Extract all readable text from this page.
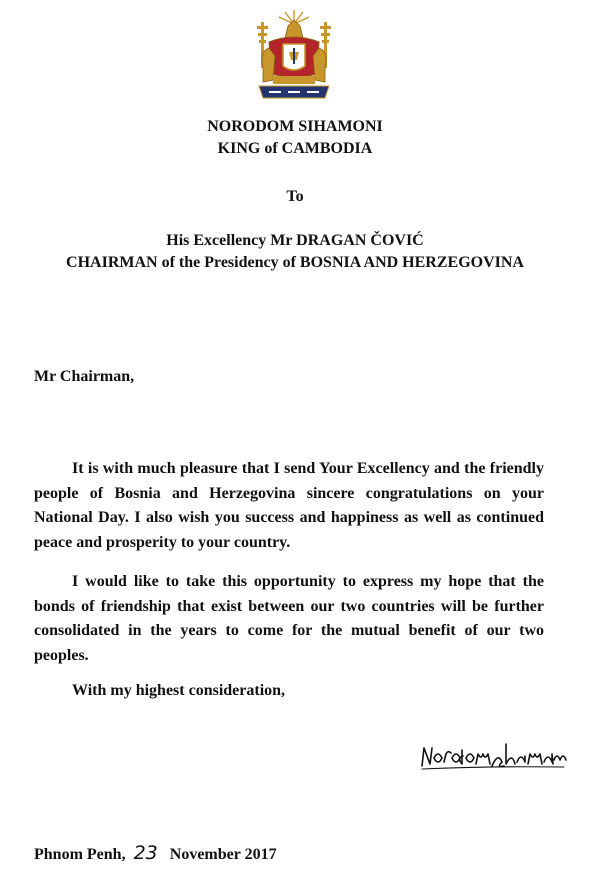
NORODOM SIHAMONI
KING of CAMBODIA
To
His Excellency Mr DRAGAN ČOVIĆ
CHAIRMAN of the Presidency of BOSNIA AND HERZEGOVINA
Mr Chairman,
It is with much pleasure that I send Your Excellency and the friendly people of Bosnia and Herzegovina sincere congratulations on your National Day. I also wish you success and happiness as well as continued peace and prosperity to your country.
I would like to take this opportunity to express my hope that the bonds of friendship that exist between our two countries will be further consolidated in the years to come for the mutual benefit of our two peoples.
With my highest consideration,
Phnom Penh, 23 November 2017
